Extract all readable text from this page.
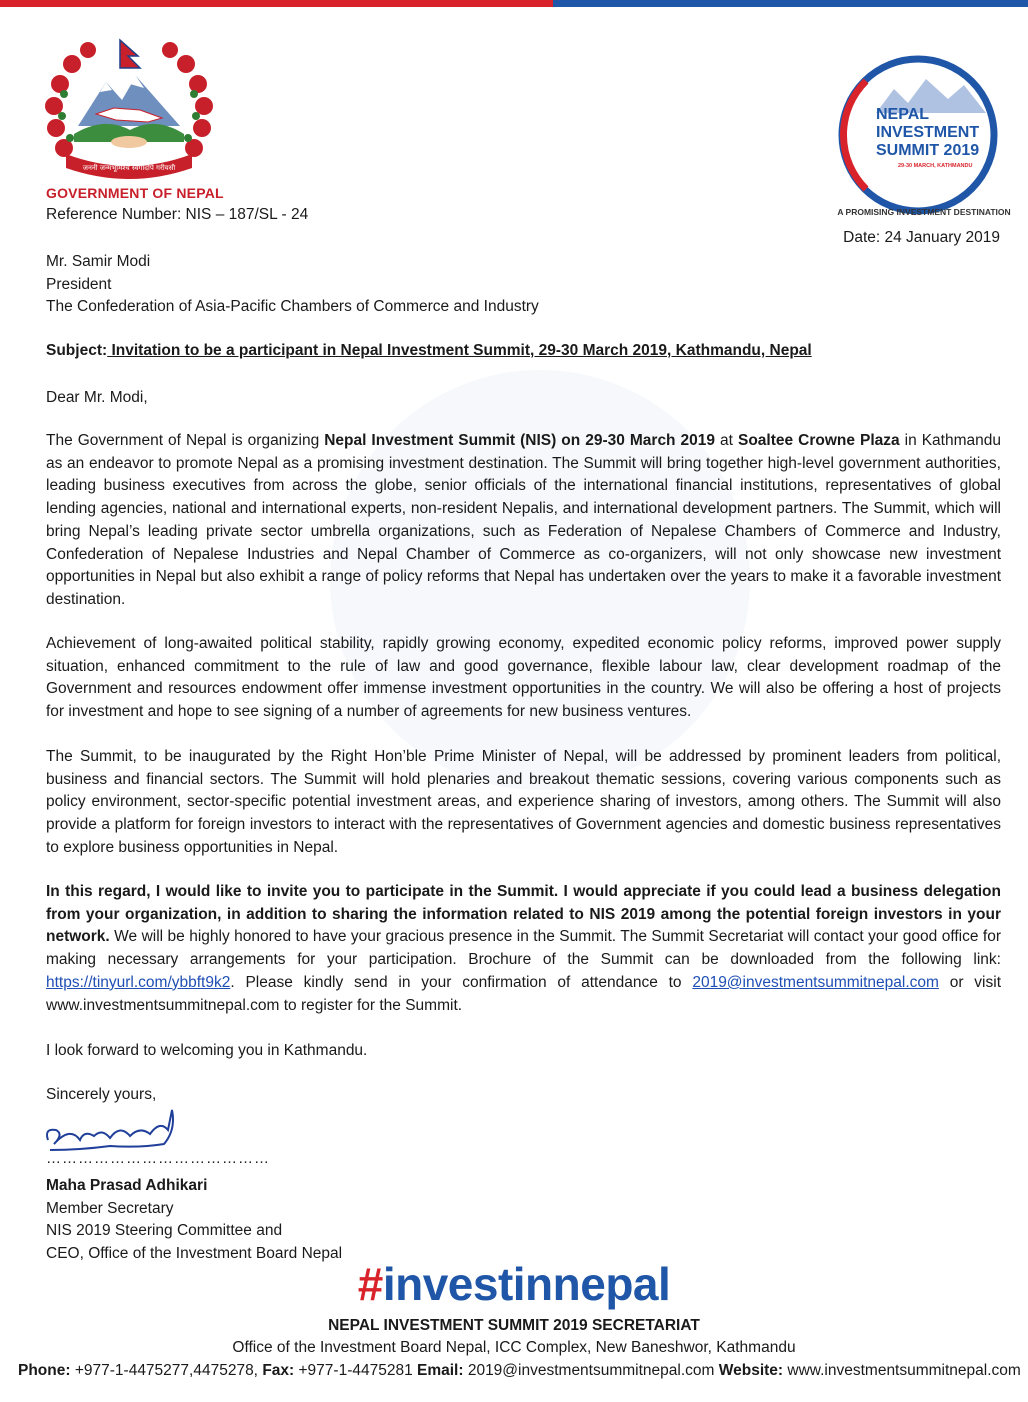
जननी जन्मभूमिश्च स्वर्गादपि गरीयसी
GOVERNMENT OF NEPAL
Reference Number: NIS – 187/SL - 24
NEPAL
INVESTMENT
SUMMIT 2019
29-30 MARCH, KATHMANDU
A PROMISING INVESTMENT DESTINATION
Date: 24 January 2019
Mr. Samir Modi
President
The Confederation of Asia-Pacific Chambers of Commerce and Industry
Subject: Invitation to be a participant in Nepal Investment Summit, 29-30 March 2019, Kathmandu, Nepal

Dear Mr. Modi,

The Government of Nepal is organizing Nepal Investment Summit (NIS) on 29-30 March 2019 at Soaltee Crowne Plaza in Kathmandu as an endeavor to promote Nepal as a promising investment destination. The Summit will bring together high-level government authorities, leading business executives from across the globe, senior officials of the international financial institutions, representatives of global lending agencies, national and international experts, non-resident Nepalis, and international development partners. The Summit, which will bring Nepal’s leading private sector umbrella organizations, such as Federation of Nepalese Chambers of Commerce and Industry, Confederation of Nepalese Industries and Nepal Chamber of Commerce as co-organizers, will not only showcase new investment opportunities in Nepal but also exhibit a range of policy reforms that Nepal has undertaken over the years to make it a favorable investment destination.

Achievement of long-awaited political stability, rapidly growing economy, expedited economic policy reforms, improved power supply situation, enhanced commitment to the rule of law and good governance, flexible labour law, clear development roadmap of the Government and resources endowment offer immense investment opportunities in the country. We will also be offering a host of projects for investment and hope to see signing of a number of agreements for new business ventures.

The Summit, to be inaugurated by the Right Hon’ble Prime Minister of Nepal, will be addressed by prominent leaders from political, business and financial sectors. The Summit will hold plenaries and breakout thematic sessions, covering various components such as policy environment, sector-specific potential investment areas, and experience sharing of investors, among others. The Summit will also provide a platform for foreign investors to interact with the representatives of Government agencies and domestic business representatives to explore business opportunities in Nepal.

In this regard, I would like to invite you to participate in the Summit. I would appreciate if you could lead a business delegation from your organization, in addition to sharing the information related to NIS 2019 among the potential foreign investors in your network. We will be highly honored to have your gracious presence in the Summit. The Summit Secretariat will contact your good office for making necessary arrangements for your participation. Brochure of the Summit can be downloaded from the following link: https://tinyurl.com/ybbft9k2. Please kindly send in your confirmation of attendance to 2019@investmentsummitnepal.com or visit www.investmentsummitnepal.com to register for the Summit.

I look forward to welcoming you in Kathmandu.

Sincerely yours,

……………………………………
Maha Prasad Adhikari
Member Secretary
NIS 2019 Steering Committee and
CEO, Office of the Investment Board Nepal
#investinnepal
NEPAL INVESTMENT SUMMIT 2019 SECRETARIAT
Office of the Investment Board Nepal, ICC Complex, New Baneshwor, Kathmandu
Phone: +977-1-4475277,4475278, Fax: +977-1-4475281 Email: 2019@investmentsummitnepal.com Website: www.investmentsummitnepal.com
